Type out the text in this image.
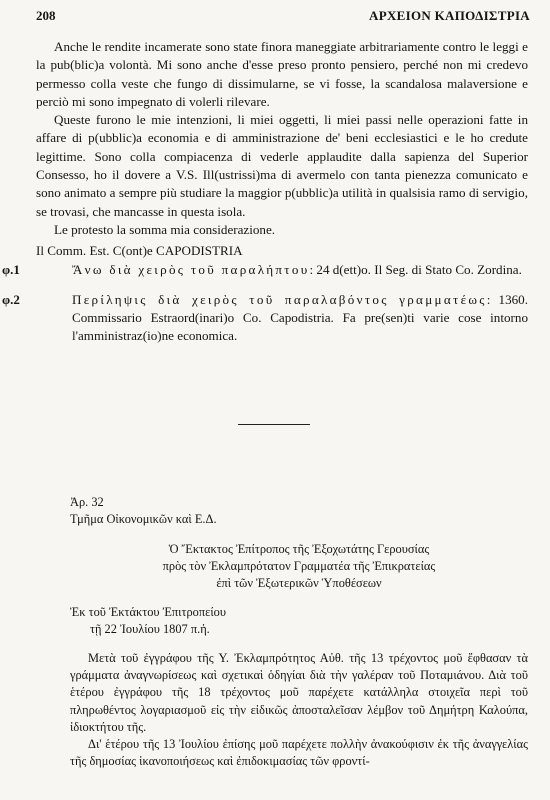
208	ΑΡΧΕΙΟΝ ΚΑΠΟΔΙΣΤΡΙΑ

Anche le rendite incamerate sono state finora maneggiate arbitrariamente contro le leggi e la pub(blic)a volontà. Mi sono anche d'esse preso pronto pensiero, perché non mi credevo permesso colla veste che fungo di dissimularne, se vi fosse, la scandalosa malaversione e perciò mi sono impegnato di volerli rilevare.

Queste furono le mie intenzioni, li miei oggetti, li miei passi nelle operazioni fatte in affare di p(ubblic)a economia e di amministrazione de' beni ecclesiastici e le ho credute legittime. Sono colla compiacenza di vederle applaudite dalla sapienza del Superior Consesso, ho il dovere a V.S. Ill(ustrissi)ma di avermelo con tanta pienezza comunicato e sono animato a sempre più studiare la maggior p(ubblic)a utilità in qualsisia ramo di servigio, se trovasi, che mancasse in questa isola.

Le protesto la somma mia considerazione.

Il Comm. Est. C(ont)e CAPODISTRIA

φ.1	Ἄνω διὰ χειρὸς τοῦ παραλήπτου: 24 d(ett)o. Il Seg. di Stato Co. Zordina.

φ.2	Περίληψις διὰ χειρὸς τοῦ παραλαβόντος γραμματέως: 1360. Commissario Estraord(inari)o Co. Capodistria. Fa pre(sen)ti varie cose intorno l'amministraz(io)ne economica.

Ἀρ. 32

Τμῆμα Οἰκονομικῶν καὶ Ε.Δ.

Ὁ Ἔκτακτος Ἐπίτροπος τῆς Ἐξοχωτάτης Γερουσίας
πρὸς τὸν Ἐκλαμπρότατον Γραμματέα τῆς Ἐπικρατείας
ἐπὶ τῶν Ἐξωτερικῶν Ὑποθέσεων

Ἐκ τοῦ Ἐκτάκτου Ἐπιτροπείου

τῇ 22 Ἰουλίου 1807 π.ἡ.

Μετὰ τοῦ ἐγγράφου τῆς Υ. Ἐκλαμπρότητος Αὐθ. τῆς 13 τρέχοντος μοῦ ἔφθασαν τὰ γράμματα ἀναγνωρίσεως καὶ σχετικαὶ ὁδηγίαι διὰ τὴν γαλέραν τοῦ Ποταμιάνου. Διὰ τοῦ ἑτέρου ἐγγράφου τῆς 18 τρέχοντος μοῦ παρέχετε κατάλληλα στοιχεῖα περὶ τοῦ πληρωθέντος λογαριασμοῦ εἰς τὴν εἰδικῶς ἀποσταλεῖσαν λέμβον τοῦ Δημήτρη Καλούπα, ἰδιοκτήτου τῆς.

Δι' ἑτέρου τῆς 13 Ἰουλίου ἐπίσης μοῦ παρέχετε πολλὴν ἀνακούφισιν ἐκ τῆς ἀναγγελίας τῆς δημοσίας ἱκανοποιήσεως καὶ ἐπιδοκιμασίας τῶν φροντί-
